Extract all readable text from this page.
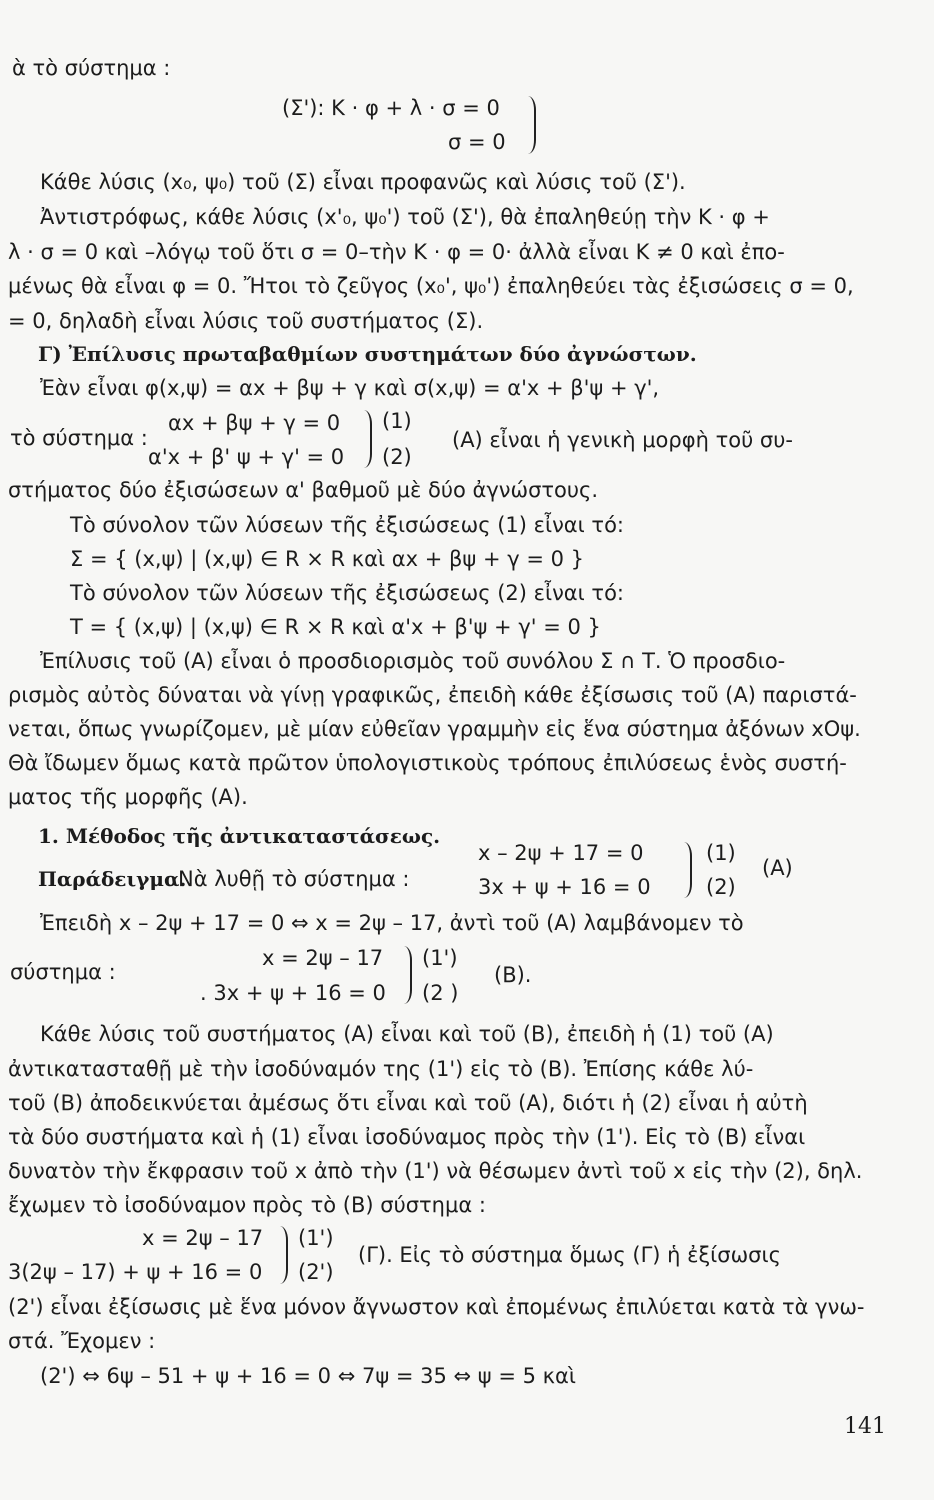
ὰ τὸ σύστημα :
(Σ'): Κ · φ + λ · σ = 0
σ = 0
Κάθε λύσις (x₀, ψ₀) τοῦ (Σ) εἶναι προφανῶς καὶ λύσις τοῦ (Σ').
Ἀντιστρόφως, κάθε λύσις (x'₀, ψ₀') τοῦ (Σ'), θὰ ἐπαληθεύῃ τὴν Κ · φ +
λ · σ = 0 καὶ –λόγῳ τοῦ ὅτι σ = 0–τὴν Κ · φ = 0· ἀλλὰ εἶναι Κ ≠ 0 καὶ ἐπο-
μένως θὰ εἶναι φ = 0. Ἤτοι τὸ ζεῦγος (x₀', ψ₀') ἐπαληθεύει τὰς ἐξισώσεις σ = 0,
= 0, δηλαδὴ εἶναι λύσις τοῦ συστήματος (Σ).
Γ) Ἐπίλυσις πρωταβαθμίων συστημάτων δύο ἀγνώστων.
Ἐὰν εἶναι φ(x,ψ) = αx + βψ + γ καὶ σ(x,ψ) = α'x + β'ψ + γ',
τὸ σύστημα :
αx + βψ + γ = 0 (1)
α'x + β' ψ + γ' = 0 (2)
(Α) εἶναι ἡ γενικὴ μορφὴ τοῦ συ-
στήματος δύο ἐξισώσεων α' βαθμοῦ μὲ δύο ἀγνώστους.
Τὸ σύνολον τῶν λύσεων τῆς ἐξισώσεως (1) εἶναι τό:
Σ = { (x,ψ) | (x,ψ) ∈ R × R καὶ αx + βψ + γ = 0 }
Τὸ σύνολον τῶν λύσεων τῆς ἐξισώσεως (2) εἶναι τό:
Τ = { (x,ψ) | (x,ψ) ∈ R × R καὶ α'x + β'ψ + γ' = 0 }
Ἐπίλυσις τοῦ (Α) εἶναι ὁ προσδιορισμὸς τοῦ συνόλου Σ ∩ Τ. Ὁ προσδιο-
ρισμὸς αὐτὸς δύναται νὰ γίνῃ γραφικῶς, ἐπειδὴ κάθε ἐξίσωσις τοῦ (Α) παριστά-
νεται, ὅπως γνωρίζομεν, μὲ μίαν εὐθεῖαν γραμμὴν εἰς ἕνα σύστημα ἀξόνων xOψ.
Θὰ ἴδωμεν ὅμως κατὰ πρῶτον ὑπολογιστικοὺς τρόπους ἐπιλύσεως ἑνὸς συστή-
ματος τῆς μορφῆς (Α).
1. Μέθοδος τῆς ἀντικαταστάσεως.
Παράδειγμα.
Νὰ λυθῇ τὸ σύστημα :
x – 2ψ + 17 = 0	(1)
3x + ψ + 16 = 0	(2)
(Α)
Ἐπειδὴ x – 2ψ + 17 = 0 ⇔ x = 2ψ – 17, ἀντὶ τοῦ (Α) λαμβάνομεν τὸ
σύστημα :
x = 2ψ – 17 (1')
. 3x + ψ + 16 = 0 (2 )
(Β).
Κάθε λύσις τοῦ συστήματος (Α) εἶναι καὶ τοῦ (Β), ἐπειδὴ ἡ (1) τοῦ (Α)
ἀντικατασταθῇ μὲ τὴν ἰσοδύναμόν της (1') εἰς τὸ (Β). Ἐπίσης κάθε λύ-
τοῦ (Β) ἀποδεικνύεται ἀμέσως ὅτι εἶναι καὶ τοῦ (Α), διότι ἡ (2) εἶναι ἡ αὐτὴ
τὰ δύο συστήματα καὶ ἡ (1) εἶναι ἰσοδύναμος πρὸς τὴν (1'). Εἰς τὸ (Β) εἶναι
δυνατὸν τὴν ἔκφρασιν τοῦ x ἀπὸ τὴν (1') νὰ θέσωμεν ἀντὶ τοῦ x εἰς τὴν (2), δηλ.
ἔχωμεν τὸ ἰσοδύναμον πρὸς τὸ (Β) σύστημα :
x = 2ψ – 17 (1')
3(2ψ – 17) + ψ + 16 = 0 (2')
(Γ). Εἰς τὸ σύστημα ὅμως (Γ) ἡ ἐξίσωσις
(2') εἶναι ἐξίσωσις μὲ ἕνα μόνον ἄγνωστον καὶ ἐπομένως ἐπιλύεται κατὰ τὰ γνω-
στά. Ἔχομεν :
(2') ⇔ 6ψ – 51 + ψ + 16 = 0 ⇔ 7ψ = 35 ⇔ ψ = 5 καὶ
141
